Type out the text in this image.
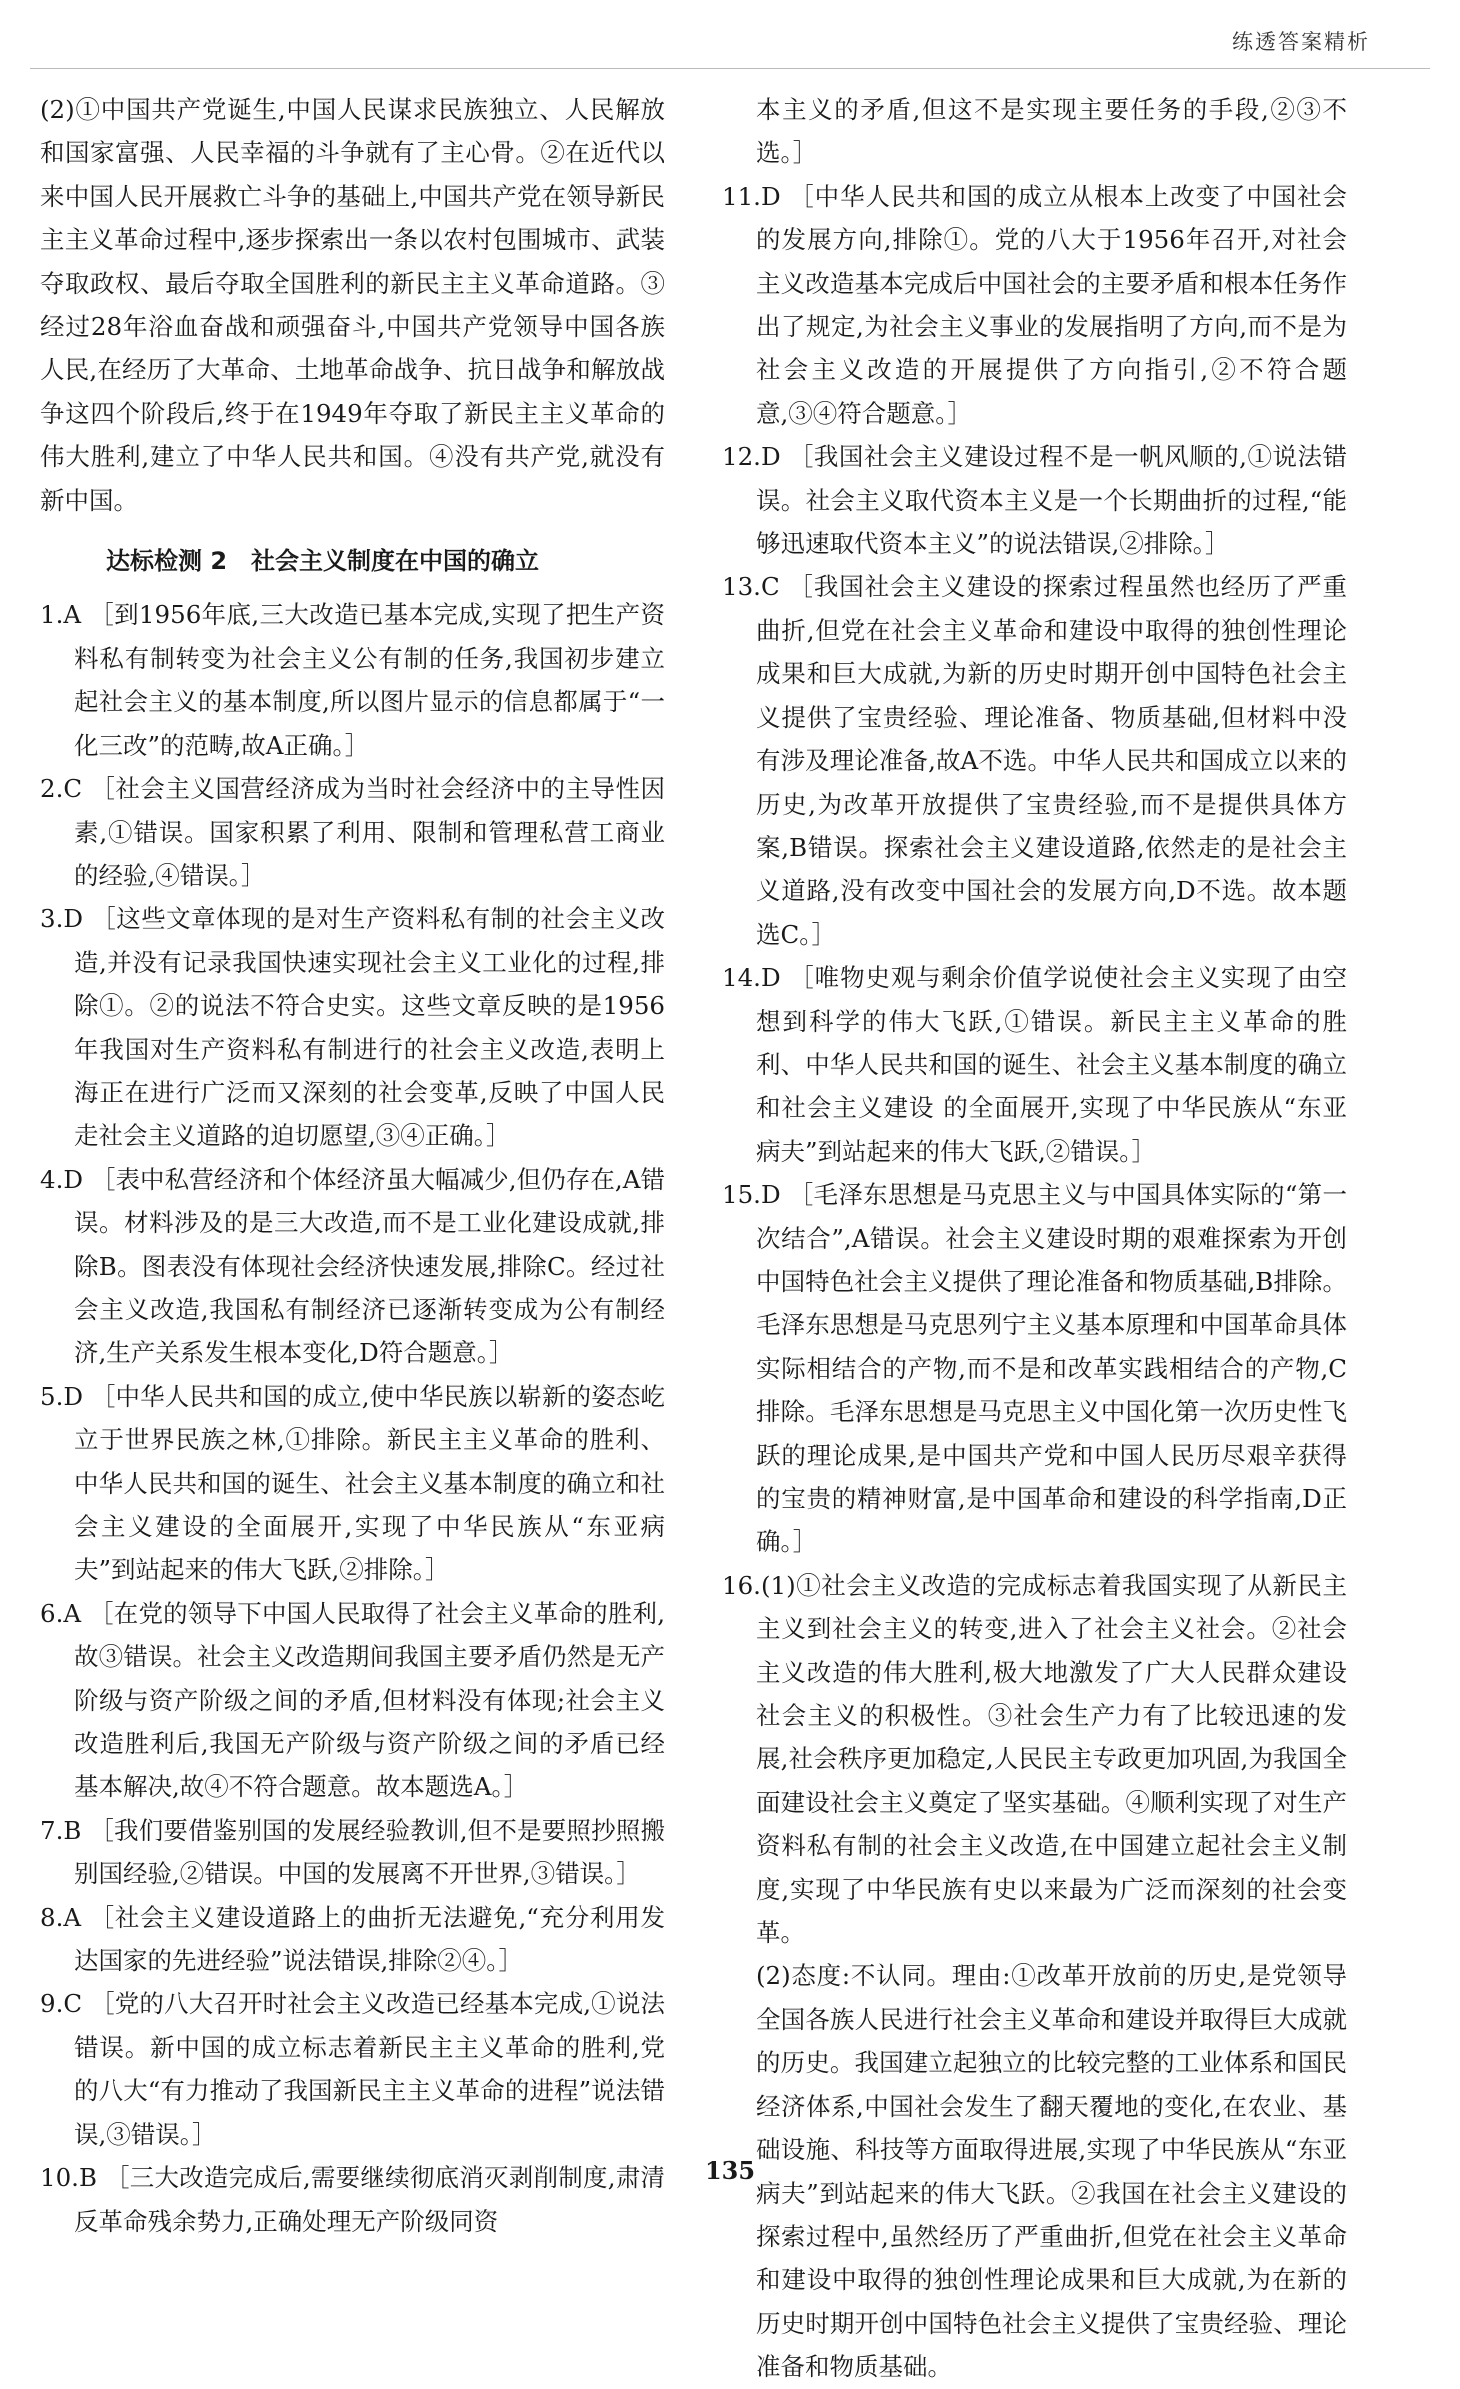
练透答案精析

(2)①中国共产党诞生,中国人民谋求民族独立、人民解放和国家富强、人民幸福的斗争就有了主心骨。②在近代以来中国人民开展救亡斗争的基础上,中国共产党在领导新民主主义革命过程中,逐步探索出一条以农村包围城市、武装夺取政权、最后夺取全国胜利的新民主主义革命道路。③经过28年浴血奋战和顽强奋斗,中国共产党领导中国各族人民,在经历了大革命、土地革命战争、抗日战争和解放战争这四个阶段后,终于在1949年夺取了新民主主义革命的伟大胜利,建立了中华人民共和国。④没有共产党,就没有新中国。

达标检测 2　社会主义制度在中国的确立

1.A ［到1956年底,三大改造已基本完成,实现了把生产资料私有制转变为社会主义公有制的任务,我国初步建立起社会主义的基本制度,所以图片显示的信息都属于“一化三改”的范畴,故A正确。］

2.C ［社会主义国营经济成为当时社会经济中的主导性因素,①错误。国家积累了利用、限制和管理私营工商业的经验,④错误。］

3.D ［这些文章体现的是对生产资料私有制的社会主义改造,并没有记录我国快速实现社会主义工业化的过程,排除①。②的说法不符合史实。这些文章反映的是1956年我国对生产资料私有制进行的社会主义改造,表明上海正在进行广泛而又深刻的社会变革,反映了中国人民走社会主义道路的迫切愿望,③④正确。］

4.D ［表中私营经济和个体经济虽大幅减少,但仍存在,A错误。材料涉及的是三大改造,而不是工业化建设成就,排除B。图表没有体现社会经济快速发展,排除C。经过社会主义改造,我国私有制经济已逐渐转变成为公有制经济,生产关系发生根本变化,D符合题意。］

5.D ［中华人民共和国的成立,使中华民族以崭新的姿态屹立于世界民族之林,①排除。新民主主义革命的胜利、中华人民共和国的诞生、社会主义基本制度的确立和社会主义建设的全面展开,实现了中华民族从“东亚病夫”到站起来的伟大飞跃,②排除。］

6.A ［在党的领导下中国人民取得了社会主义革命的胜利,故③错误。社会主义改造期间我国主要矛盾仍然是无产阶级与资产阶级之间的矛盾,但材料没有体现;社会主义改造胜利后,我国无产阶级与资产阶级之间的矛盾已经基本解决,故④不符合题意。故本题选A。］

7.B ［我们要借鉴别国的发展经验教训,但不是要照抄照搬别国经验,②错误。中国的发展离不开世界,③错误。］

8.A ［社会主义建设道路上的曲折无法避免,“充分利用发达国家的先进经验”说法错误,排除②④。］

9.C ［党的八大召开时社会主义改造已经基本完成,①说法错误。新中国的成立标志着新民主主义革命的胜利,党的八大“有力推动了我国新民主主义革命的进程”说法错误,③错误。］

10.B ［三大改造完成后,需要继续彻底消灭剥削制度,肃清反革命残余势力,正确处理无产阶级同资

本主义的矛盾,但这不是实现主要任务的手段,②③不选。］

11.D ［中华人民共和国的成立从根本上改变了中国社会的发展方向,排除①。党的八大于1956年召开,对社会主义改造基本完成后中国社会的主要矛盾和根本任务作出了规定,为社会主义事业的发展指明了方向,而不是为社会主义改造的开展提供了方向指引,②不符合题意,③④符合题意。］

12.D ［我国社会主义建设过程不是一帆风顺的,①说法错误。社会主义取代资本主义是一个长期曲折的过程,“能够迅速取代资本主义”的说法错误,②排除。］

13.C ［我国社会主义建设的探索过程虽然也经历了严重曲折,但党在社会主义革命和建设中取得的独创性理论成果和巨大成就,为新的历史时期开创中国特色社会主义提供了宝贵经验、理论准备、物质基础,但材料中没有涉及理论准备,故A不选。中华人民共和国成立以来的历史,为改革开放提供了宝贵经验,而不是提供具体方案,B错误。探索社会主义建设道路,依然走的是社会主义道路,没有改变中国社会的发展方向,D不选。故本题选C。］

14.D ［唯物史观与剩余价值学说使社会主义实现了由空想到科学的伟大飞跃,①错误。新民主主义革命的胜利、中华人民共和国的诞生、社会主义基本制度的确立和社会主义建设 的全面展开,实现了中华民族从“东亚病夫”到站起来的伟大飞跃,②错误。］

15.D ［毛泽东思想是马克思主义与中国具体实际的“第一次结合”,A错误。社会主义建设时期的艰难探索为开创中国特色社会主义提供了理论准备和物质基础,B排除。毛泽东思想是马克思列宁主义基本原理和中国革命具体实际相结合的产物,而不是和改革实践相结合的产物,C排除。毛泽东思想是马克思主义中国化第一次历史性飞跃的理论成果,是中国共产党和中国人民历尽艰辛获得的宝贵的精神财富,是中国革命和建设的科学指南,D正确。］

16.(1)①社会主义改造的完成标志着我国实现了从新民主主义到社会主义的转变,进入了社会主义社会。②社会主义改造的伟大胜利,极大地激发了广大人民群众建设社会主义的积极性。③社会生产力有了比较迅速的发展,社会秩序更加稳定,人民民主专政更加巩固,为我国全面建设社会主义奠定了坚实基础。④顺利实现了对生产资料私有制的社会主义改造,在中国建立起社会主义制度,实现了中华民族有史以来最为广泛而深刻的社会变革。

(2)态度:不认同。理由:①改革开放前的历史,是党领导全国各族人民进行社会主义革命和建设并取得巨大成就的历史。我国建立起独立的比较完整的工业体系和国民经济体系,中国社会发生了翻天覆地的变化,在农业、基础设施、科技等方面取得进展,实现了中华民族从“东亚病夫”到站起来的伟大飞跃。②我国在社会主义建设的探索过程中,虽然经历了严重曲折,但党在社会主义革命和建设中取得的独创性理论成果和巨大成就,为在新的历史时期开创中国特色社会主义提供了宝贵经验、理论准备和物质基础。

135
